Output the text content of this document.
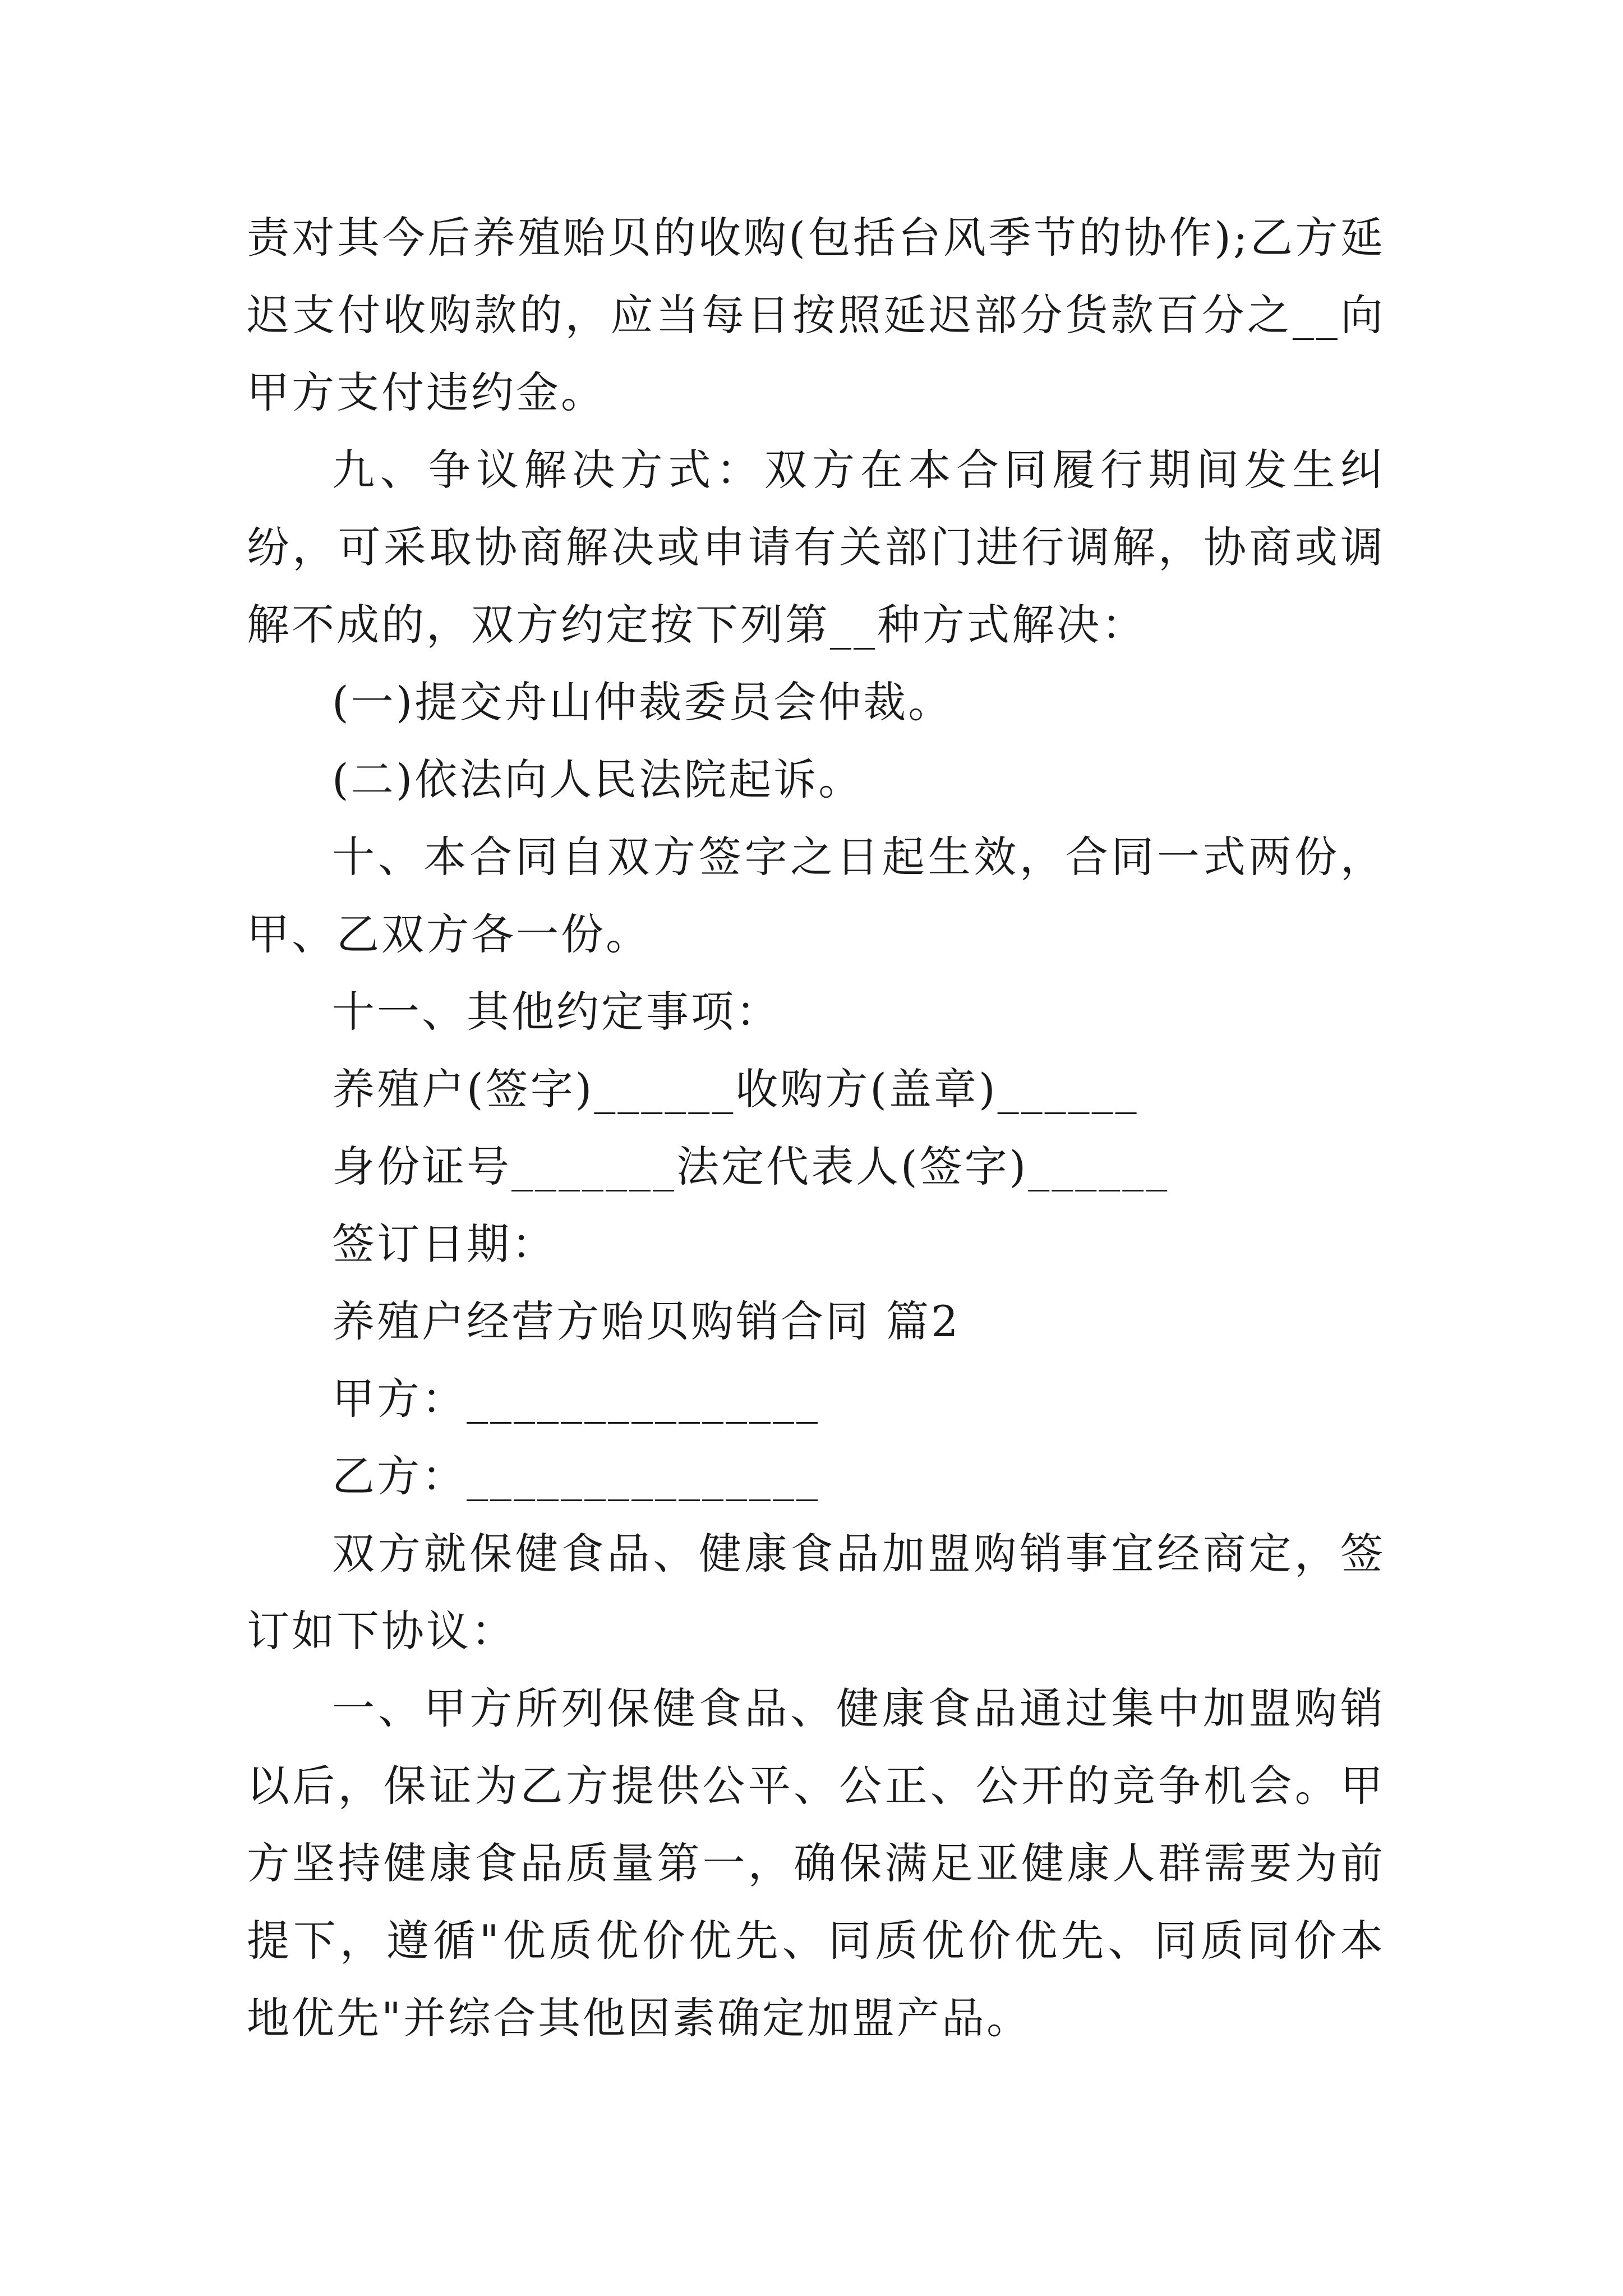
责对其今后养殖贻贝的收购(包括台风季节的协作);乙方延迟支付收购款的，应当每日按照延迟部分货款百分之__向甲方支付违约金。

九、争议解决方式：双方在本合同履行期间发生纠纷，可采取协商解决或申请有关部门进行调解，协商或调解不成的，双方约定按下列第__种方式解决：

(一)提交舟山仲裁委员会仲裁。

(二)依法向人民法院起诉。

十、本合同自双方签字之日起生效，合同一式两份，甲、乙双方各一份。

十一、其他约定事项：

养殖户(签字)______收购方(盖章)______

身份证号_______法定代表人(签字)______

签订日期：

养殖户经营方贻贝购销合同 篇2

甲方：_______________

乙方：_______________

双方就保健食品、健康食品加盟购销事宜经商定，签订如下协议：

一、甲方所列保健食品、健康食品通过集中加盟购销以后，保证为乙方提供公平、公正、公开的竞争机会。甲方坚持健康食品质量第一，确保满足亚健康人群需要为前提下，遵循"优质优价优先、同质优价优先、同质同价本地优先"并综合其他因素确定加盟产品。
